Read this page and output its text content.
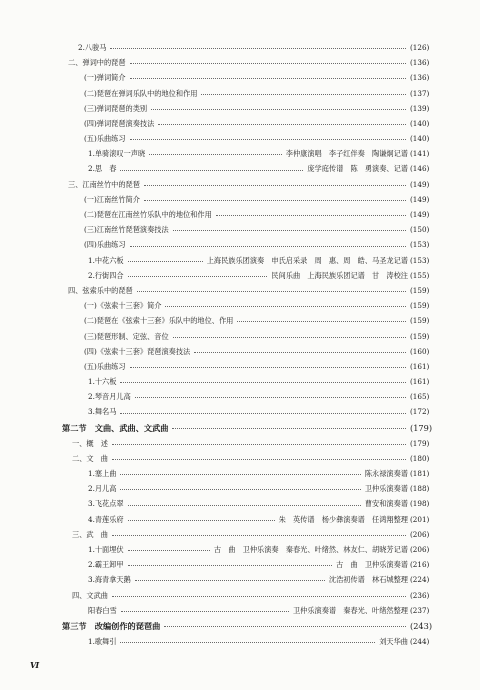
2.八骏马	(126)
二、弹词中的琵琶	(136)
(一)弹词简介	(136)
(二)琵琶在弹词乐队中的地位和作用	(137)
(三)弹词琵琶的类别	(139)
(四)弹词琵琶演奏技法	(140)
(五)乐曲练习	(140)
1.单骑滚叹一声晓	李仲康演唱　李子红伴奏　陶谦炯记谱 (141)
2.思　春	庞学庭传谱　陈　勇演奏、记谱 (146)
三、江南丝竹中的琵琶	(149)
(一)江南丝竹简介	(149)
(二)琵琶在江南丝竹乐队中的地位和作用	(149)
(三)江南丝竹琵琶演奏技法	(150)
(四)乐曲练习	(153)
1.中花六板	上海民族乐团演奏　申氏启采录　周　惠、周　皓、马圣龙记谱 (153)
2.行街四合	民间乐曲　上海民族乐团记谱　甘　涛校注 (155)
四、弦索乐中的琵琶	(159)
(一)《弦索十三套》简介	(159)
(二)琵琶在《弦索十三套》乐队中的地位、作用	(159)
(三)琵琶形制、定弦、音位	(159)
(四)《弦索十三套》琵琶演奏技法	(160)
(五)乐曲练习	(161)
1.十六板	(161)
2.琴音月儿高	(165)
3.舞名马	(172)
第二节　文曲、武曲、文武曲	(179)
一、概　述	(179)
二、文　曲	(180)
1.塞上曲	陈永禄演奏谱 (181)
2.月儿高	卫仲乐演奏谱 (188)
3.飞花点翠	曹安和演奏谱 (198)
4.青莲乐府	朱　英传谱　杨少彝演奏谱　任鸿翔整理 (201)
三、武　曲	(206)
1.十面埋伏	古　曲　卫仲乐演奏　秦春光、叶绪然、林友仁、胡晓芳记谱 (206)
2.霸王卸甲	古　曲　卫仲乐演奏谱 (216)
3.海青拿天鹅	沈浩初传谱　林石城整理 (224)
四、文武曲	(236)
阳春白雪	卫仲乐演奏谱　秦春光、叶绪然整理 (237)
第三节　改编创作的琵琶曲	(243)
1.歌舞引	刘天华曲 (244)
Ⅵ
